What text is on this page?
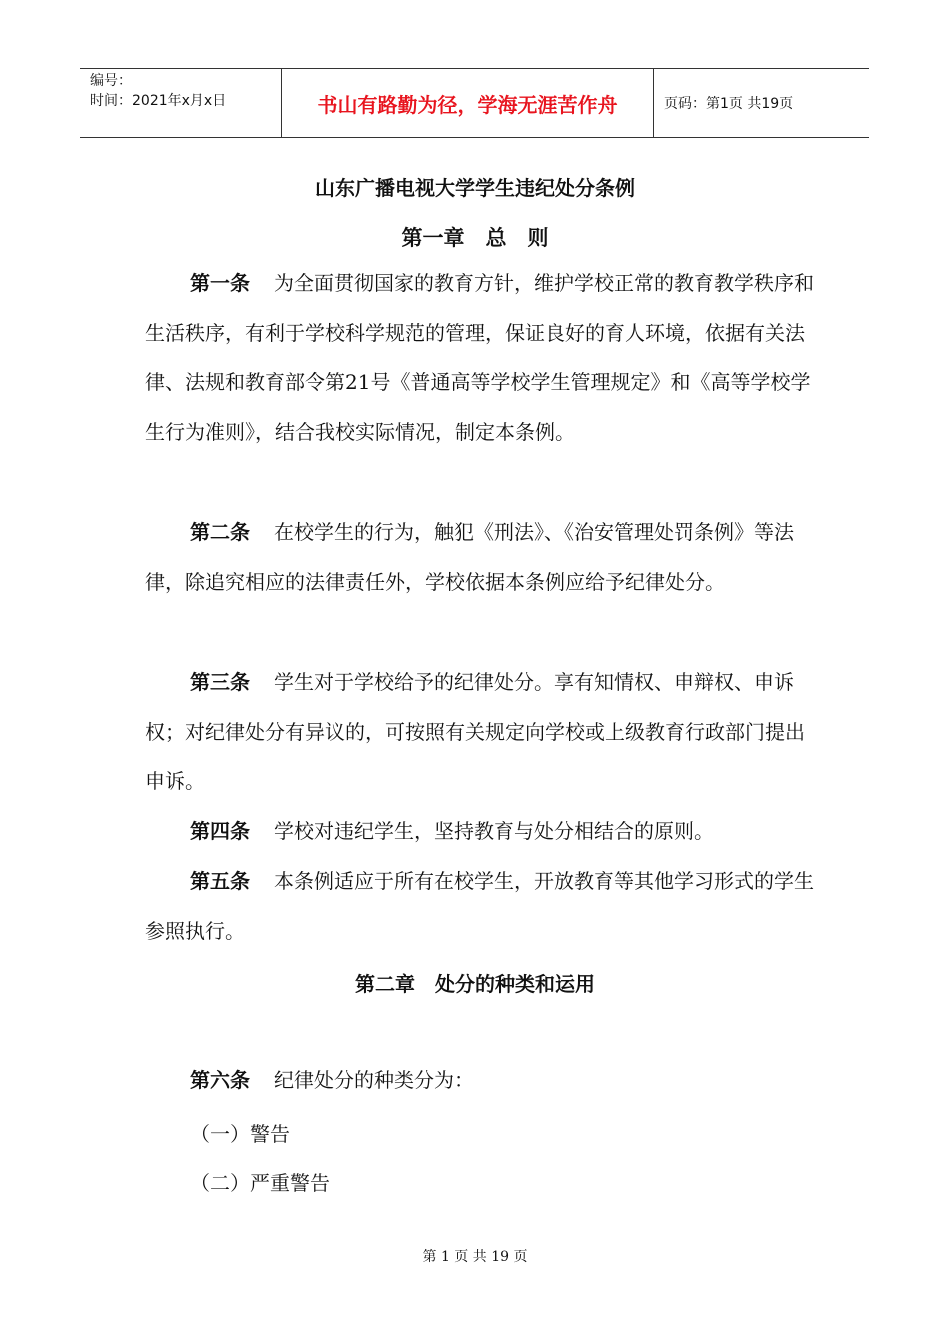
编号：
时间：2021年x月x日	书山有路勤为径，学海无涯苦作舟	页码：第1页 共19页
山东广播电视大学学生违纪处分条例
第一章　总　则
第一条 为全面贯彻国家的教育方针，维护学校正常的教育教学秩序和生活秩序，有利于学校科学规范的管理，保证良好的育人环境，依据有关法律、法规和教育部令第21号《普通高等学校学生管理规定》和《高等学校学生行为准则》，结合我校实际情况，制定本条例。
第二条 在校学生的行为，触犯《刑法》、《治安管理处罚条例》等法律，除追究相应的法律责任外，学校依据本条例应给予纪律处分。
第三条 学生对于学校给予的纪律处分。享有知情权、申辩权、申诉权；对纪律处分有异议的，可按照有关规定向学校或上级教育行政部门提出申诉。
第四条 学校对违纪学生，坚持教育与处分相结合的原则。
第五条 本条例适应于所有在校学生，开放教育等其他学习形式的学生参照执行。
第二章　处分的种类和运用
第六条 纪律处分的种类分为：
（一）警告
（二）严重警告
第 1 页 共 19 页
